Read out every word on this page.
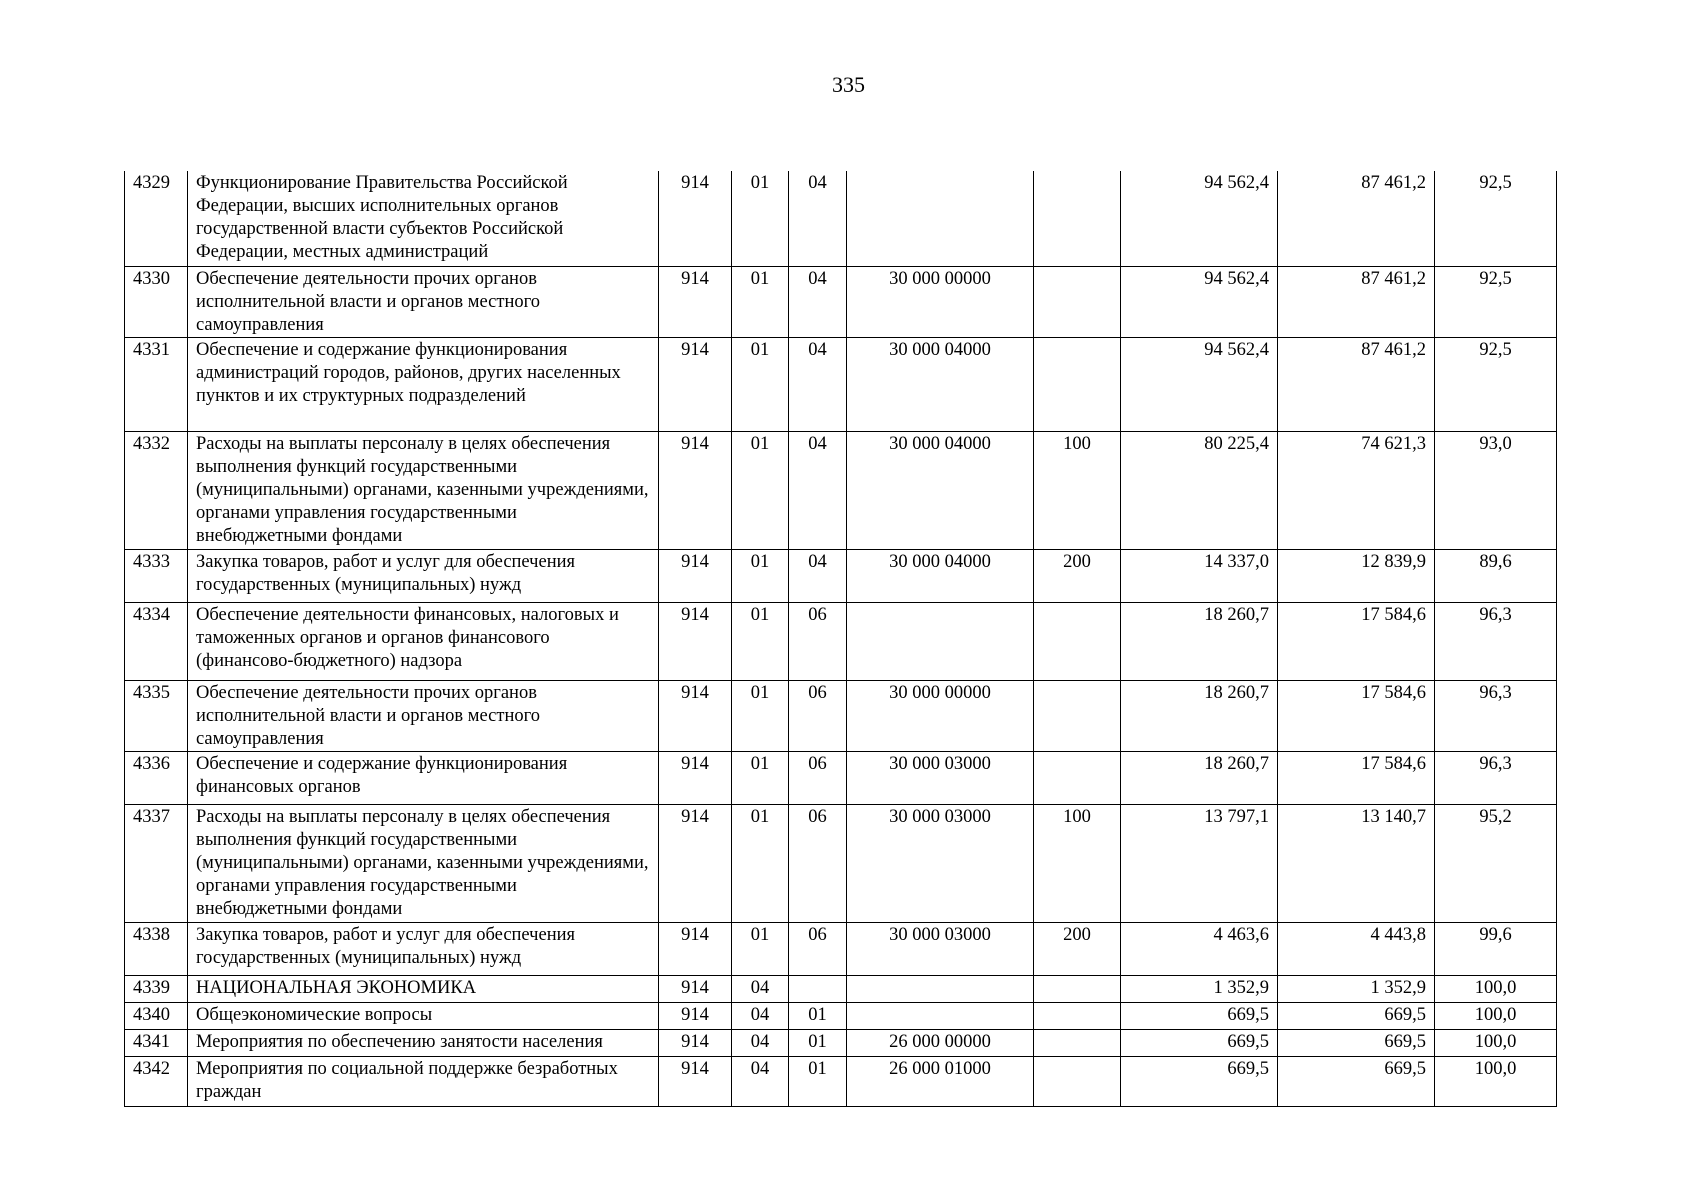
335
4329	Функционирование Правительства Российской Федерации, высших исполнительных органов государственной власти субъектов Российской Федерации, местных администраций	914	01	04			94 562,4	87 461,2	92,5
4330	Обеспечение деятельности прочих органов исполнительной власти и органов местного самоуправления	914	01	04	30 000 00000		94 562,4	87 461,2	92,5
4331	Обеспечение и содержание функционирования администраций городов, районов, других населенных пунктов и их структурных подразделений	914	01	04	30 000 04000		94 562,4	87 461,2	92,5
4332	Расходы на выплаты персоналу в целях обеспечения выполнения функций государственными (муниципальными) органами, казенными учреждениями, органами управления государственными внебюджетными фондами	914	01	04	30 000 04000	100	80 225,4	74 621,3	93,0
4333	Закупка товаров, работ и услуг для обеспечения государственных (муниципальных) нужд	914	01	04	30 000 04000	200	14 337,0	12 839,9	89,6
4334	Обеспечение деятельности финансовых, налоговых и таможенных органов и органов финансового (финансово-бюджетного) надзора	914	01	06			18 260,7	17 584,6	96,3
4335	Обеспечение деятельности прочих органов исполнительной власти и органов местного самоуправления	914	01	06	30 000 00000		18 260,7	17 584,6	96,3
4336	Обеспечение и содержание функционирования финансовых органов	914	01	06	30 000 03000		18 260,7	17 584,6	96,3
4337	Расходы на выплаты персоналу в целях обеспечения выполнения функций государственными (муниципальными) органами, казенными учреждениями, органами управления государственными внебюджетными фондами	914	01	06	30 000 03000	100	13 797,1	13 140,7	95,2
4338	Закупка товаров, работ и услуг для обеспечения государственных (муниципальных) нужд	914	01	06	30 000 03000	200	4 463,6	4 443,8	99,6
4339	НАЦИОНАЛЬНАЯ ЭКОНОМИКА	914	04				1 352,9	1 352,9	100,0
4340	Общеэкономические вопросы	914	04	01			669,5	669,5	100,0
4341	Мероприятия по обеспечению занятости населения	914	04	01	26 000 00000		669,5	669,5	100,0
4342	Мероприятия по социальной поддержке безработных граждан	914	04	01	26 000 01000		669,5	669,5	100,0
